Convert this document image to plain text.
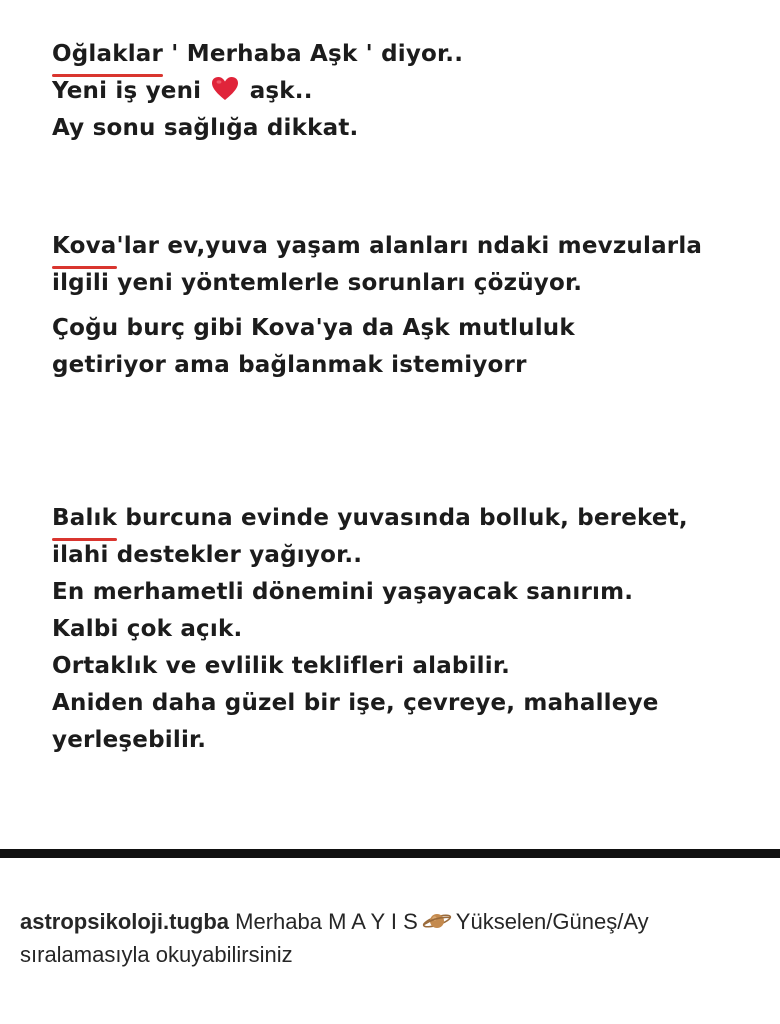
Oğlaklar ' Merhaba Aşk ' diyor..
Yeni iş yeni aşk..
Ay sonu sağlığa dikkat.
Kova'lar ev,yuva yaşam alanları ndaki mevzularla
ilgili yeni yöntemlerle sorunları çözüyor.
Çoğu burç gibi Kova'ya da Aşk mutluluk
getiriyor ama bağlanmak istemiyorr
Balık burcuna evinde yuvasında bolluk, bereket,
ilahi destekler yağıyor..
En merhametli dönemini yaşayacak sanırım.
Kalbi çok açık.
Ortaklık ve evlilik teklifleri alabilir.
Aniden daha güzel bir işe, çevreye, mahalleye
yerleşebilir.
astropsikoloji.tugba Merhaba M A Y I S Yükselen/Güneş/Ay sıralamasıyla okuyabilirsiniz
